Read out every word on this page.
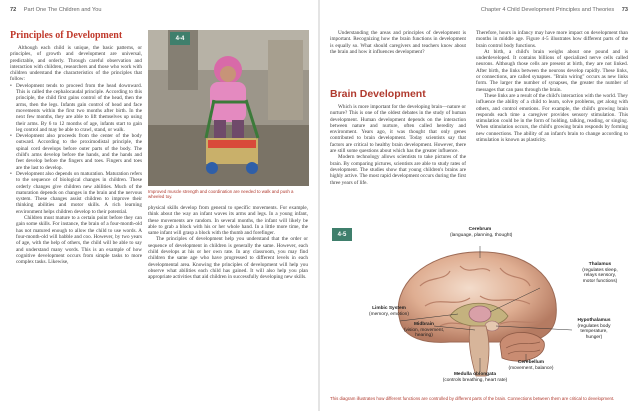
72 Part One The Children and You
Principles of Development

Although each child is unique, the basic patterns, or principles, of growth and development are universal, predictable, and orderly. Through careful observation and interaction with children, researchers and those who work with children understand the characteristics of the principles that follow:

• Development tends to proceed from the head downward. This is called the cephalocaudal principle. According to this principle, the child first gains control of the head, then the arms, then the legs. Infants gain control of head and face movements within the first two months after birth. In the next few months, they are able to lift themselves up using their arms. By 6 to 12 months of age, infants start to gain leg control and may be able to crawl, stand, or walk.
• Development also proceeds from the center of the body outward. According to the proximodistal principle, the spinal cord develops before outer parts of the body. The child's arms develop before the hands, and the hands and feet develop before the fingers and toes. Fingers and toes are the last to develop.
• Development also depends on maturation. Maturation refers to the sequence of biological changes in children. These orderly changes give children new abilities. Much of the maturation depends on changes in the brain and the nervous system. These changes assist children to improve their thinking abilities and motor skills. A rich learning environment helps children develop to their potential.

Children must mature to a certain point before they can gain some skills. For instance, the brain of a four-month-old has not matured enough to allow the child to use words. A four-month-old will babble and coo. However, by two years of age, with the help of others, the child will be able to say and understand many words. This is an example of how cognitive development occurs from simple tasks to more complex tasks. Likewise,

4-4
Improved muscle strength and coordination are needed to walk and push a wheeled toy.

physical skills develop from general to specific movements. For example, think about the way an infant waves its arms and legs. In a young infant, these movements are random. In several months, the infant will likely be able to grab a block with his or her whole hand. In a little more time, the same infant will grasp a block with the thumb and forefinger.

The principles of development help you understand that the order or sequence of development in children is generally the same. However, each child develops at his or her own rate. In any classroom, you may find children the same age who have progressed to different levels in each developmental area. Knowing the principles of development will help you observe what abilities each child has gained. It will also help you plan appropriate activities that aid children in successfully developing new skills.

Chapter 4 Child Development Principles and Theories 73

Understanding the areas and principles of development is important. Recognizing how the brain functions in development is equally so. What should caregivers and teachers know about the brain and how it influences development?

Brain Development

Which is more important for the developing brain—nature or nurture? This is one of the oldest debates in the study of human development. Human development depends on the interaction between nature and nurture, often called heredity and environment. Years ago, it was thought that only genes contributed to brain development. Today scientists say that factors are critical to healthy brain development. However, there are still some questions about which has the greater influence.

Modern technology allows scientists to take pictures of the brain. By comparing pictures, scientists are able to study rates of development. The studies show that young children's brains are highly active. The most rapid development occurs during the first three years of life.

Therefore, hours in infancy may have more impact on development than months in middle age. Figure 4-5 illustrates how different parts of the brain control body functions.

At birth, a child's brain weighs about one pound and is underdeveloped. It contains billions of specialized nerve cells called neurons. Although those cells are present at birth, they are not linked. After birth, the links between the neurons develop rapidly. These links, or connections, are called synapses. "Brain wiring" occurs as new links form. The larger the number of synapses, the greater the number of messages that can pass through the brain.

These links are a result of the child's interaction with the world. They influence the ability of a child to learn, solve problems, get along with others, and control emotions. For example, the child's growing brain responds each time a caregiver provides sensory stimulation. This stimulation could be in the form of holding, talking, reading, or singing. When stimulation occurs, the child's growing brain responds by forming new connections. The ability of an infant's brain to change according to stimulation is known as plasticity.

4-5
Cerebrum
(language, planning, thought)
Thalamus
(regulates sleep,
relays sensory,
motor functions)
Limbic System
(memory, emotion)
Midbrain
(vision, movement,
hearing)
Hypothalamus
(regulates body
temperature,
hunger)
Medulla oblongata
(controls breathing, heart rate)
Cerebellum
(movement, balance)
This diagram illustrates how different functions are controlled by different parts of the brain. Connections between them are critical to development.
